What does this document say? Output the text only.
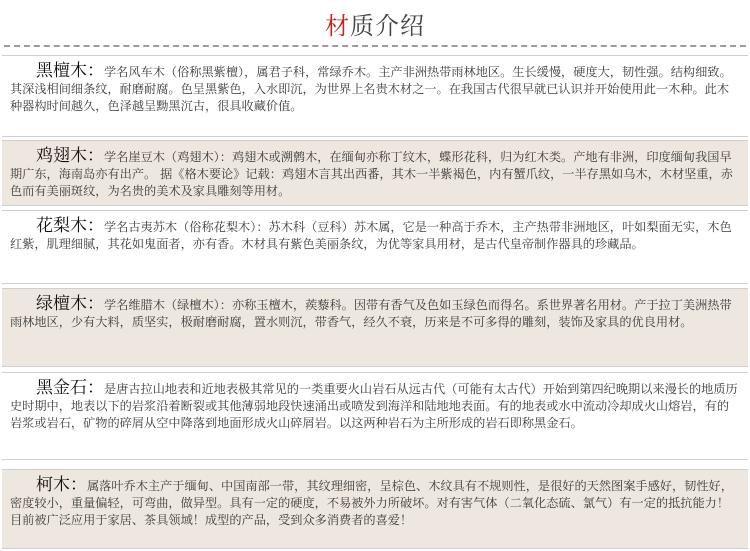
材质介绍
黑檀木：学名风车木（俗称黑紫檀），属君子科，常绿乔木。主产非洲热带雨林地区。生长缓慢，硬度大，韧性强。结构细致。其深浅相间细条纹，耐磨耐腐。色呈黑紫色，入水即沉，为世界上名贵木材之一。在我国古代很早就已认识并开始使用此一木种。此木种器构时间越久，色泽越呈黝黑沉古，很具收藏价值。
鸡翅木：学名崖豆木（鸡翅木）：鸡翅木或溯鹩木，在缅甸亦称丁纹木，蝶形花科，归为红木类。产地有非洲，印度缅甸我国早期广东，海南岛亦有出产。 据《格木要论》记载：鸡翅木言其出西番，其木一半紫褐色，内有蟹爪纹，一半存黑如乌木，木材坚重，赤色而有美丽斑纹，为名贵的美术及家具雕刻等用材。
花梨木：学名古夷苏木（俗称花梨木）：苏木科（豆科）苏木属，它是一种高于乔木，主产热带非洲地区，叶如梨面无实，木色红紫，肌理细腻，其花如鬼面者，亦有香。木材具有紫色美丽条纹，为优等家具用材，是古代皇帝制作器具的珍藏品。
绿檀木：学名维腊木（绿檀木）：亦称玉檀木，蒺藜科。因带有香气及色如玉绿色而得名。系世界著名用材。产于拉丁美洲热带雨林地区，少有大料，质坚实，极耐磨耐腐，置水则沉，带香气，经久不衰，历来是不可多得的雕刻，装饰及家具的优良用材。
黑金石：是唐古拉山地表和近地表极其常见的一类重要火山岩石从远古代（可能有太古代）开始到第四纪晚期以来漫长的地质历史时期中，地表以下的岩浆沿着断裂或其他薄弱地段快速涌出或喷发到海洋和陆地地表面。有的地表或水中流动冷却成火山熔岩，有的岩浆或岩石，矿物的碎屑从空中降落到地面形成火山碎屑岩。以这两种岩石为主所形成的岩石即称黑金石。
柯木：属落叶乔木主产于缅甸、中国南部一带，其纹理细密，呈棕色、木纹具有不规则性，是很好的天然图案手感好，韧性好，密度较小，重量偏轻，可弯曲，做异型。具有一定的硬度，不易被外力所破坏。对有害气体（二氧化态硫、氯气）有一定的抵抗能力！目前被广泛应用于家居、茶具领域！成型的产品，受到众多消费者的喜爱！
